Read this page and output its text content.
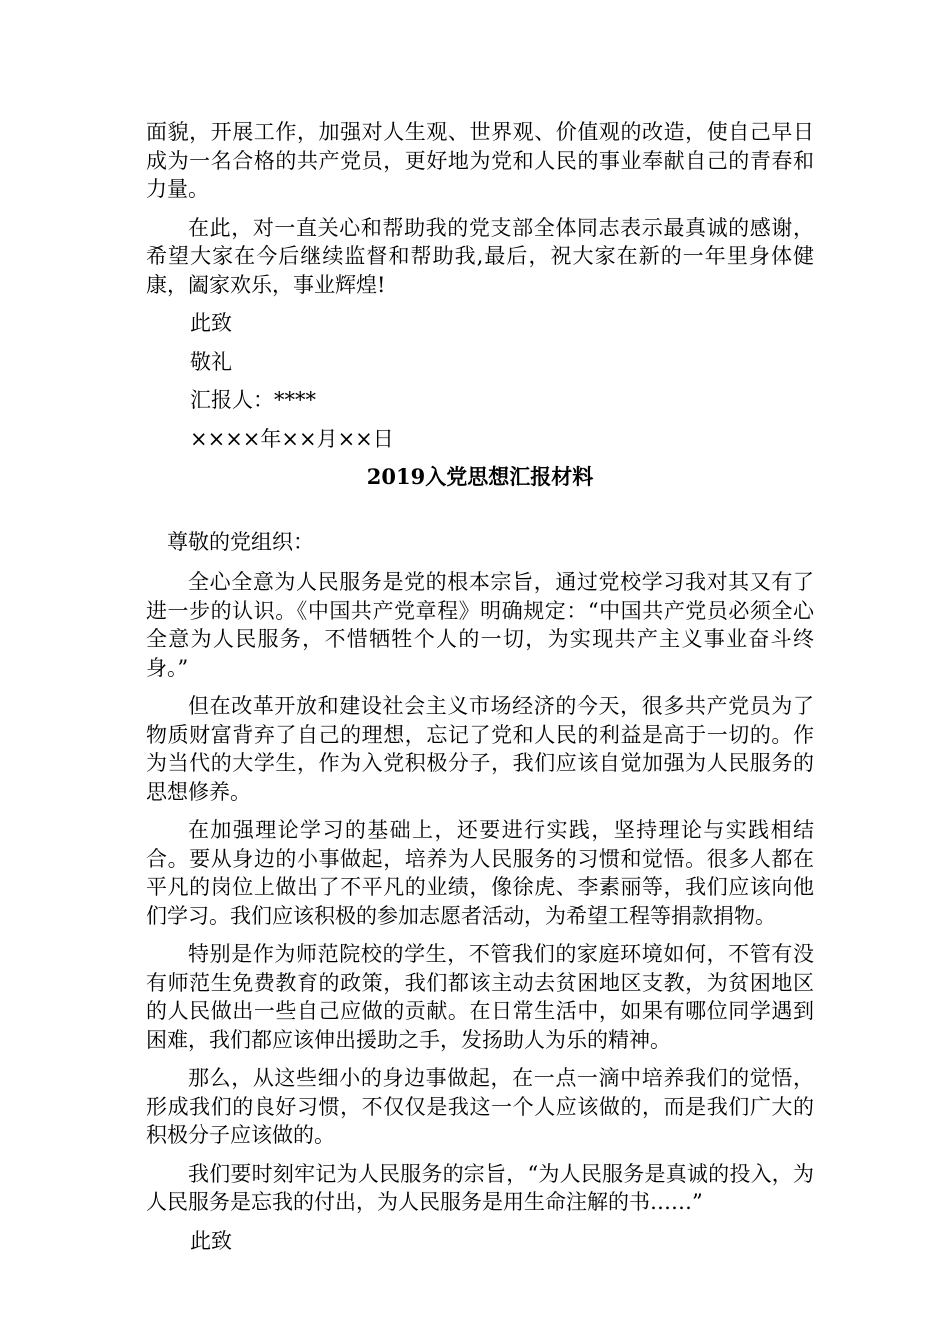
面貌，开展工作，加强对人生观、世界观、价值观的改造，使自己早日成为一名合格的共产党员，更好地为党和人民的事业奉献自己的青春和力量。

在此，对一直关心和帮助我的党支部全体同志表示最真诚的感谢，希望大家在今后继续监督和帮助我,最后，祝大家在新的一年里身体健康，阖家欢乐，事业辉煌!

此致
敬礼
汇报人：****
××××年××月××日
2019入党思想汇报材料

尊敬的党组织：

全心全意为人民服务是党的根本宗旨，通过党校学习我对其又有了进一步的认识。《中国共产党章程》明确规定：“中国共产党员必须全心全意为人民服务，不惜牺牲个人的一切，为实现共产主义事业奋斗终身。”

但在改革开放和建设社会主义市场经济的今天，很多共产党员为了物质财富背弃了自己的理想，忘记了党和人民的利益是高于一切的。作为当代的大学生，作为入党积极分子，我们应该自觉加强为人民服务的思想修养。

在加强理论学习的基础上，还要进行实践，坚持理论与实践相结合。要从身边的小事做起，培养为人民服务的习惯和觉悟。很多人都在平凡的岗位上做出了不平凡的业绩，像徐虎、李素丽等，我们应该向他们学习。我们应该积极的参加志愿者活动，为希望工程等捐款捐物。

特别是作为师范院校的学生，不管我们的家庭环境如何，不管有没有师范生免费教育的政策，我们都该主动去贫困地区支教，为贫困地区的人民做出一些自己应做的贡献。在日常生活中，如果有哪位同学遇到困难，我们都应该伸出援助之手，发扬助人为乐的精神。

那么，从这些细小的身边事做起，在一点一滴中培养我们的觉悟，形成我们的良好习惯，不仅仅是我这一个人应该做的，而是我们广大的积极分子应该做的。

我们要时刻牢记为人民服务的宗旨，“为人民服务是真诚的投入，为人民服务是忘我的付出，为人民服务是用生命注解的书……”

此致
